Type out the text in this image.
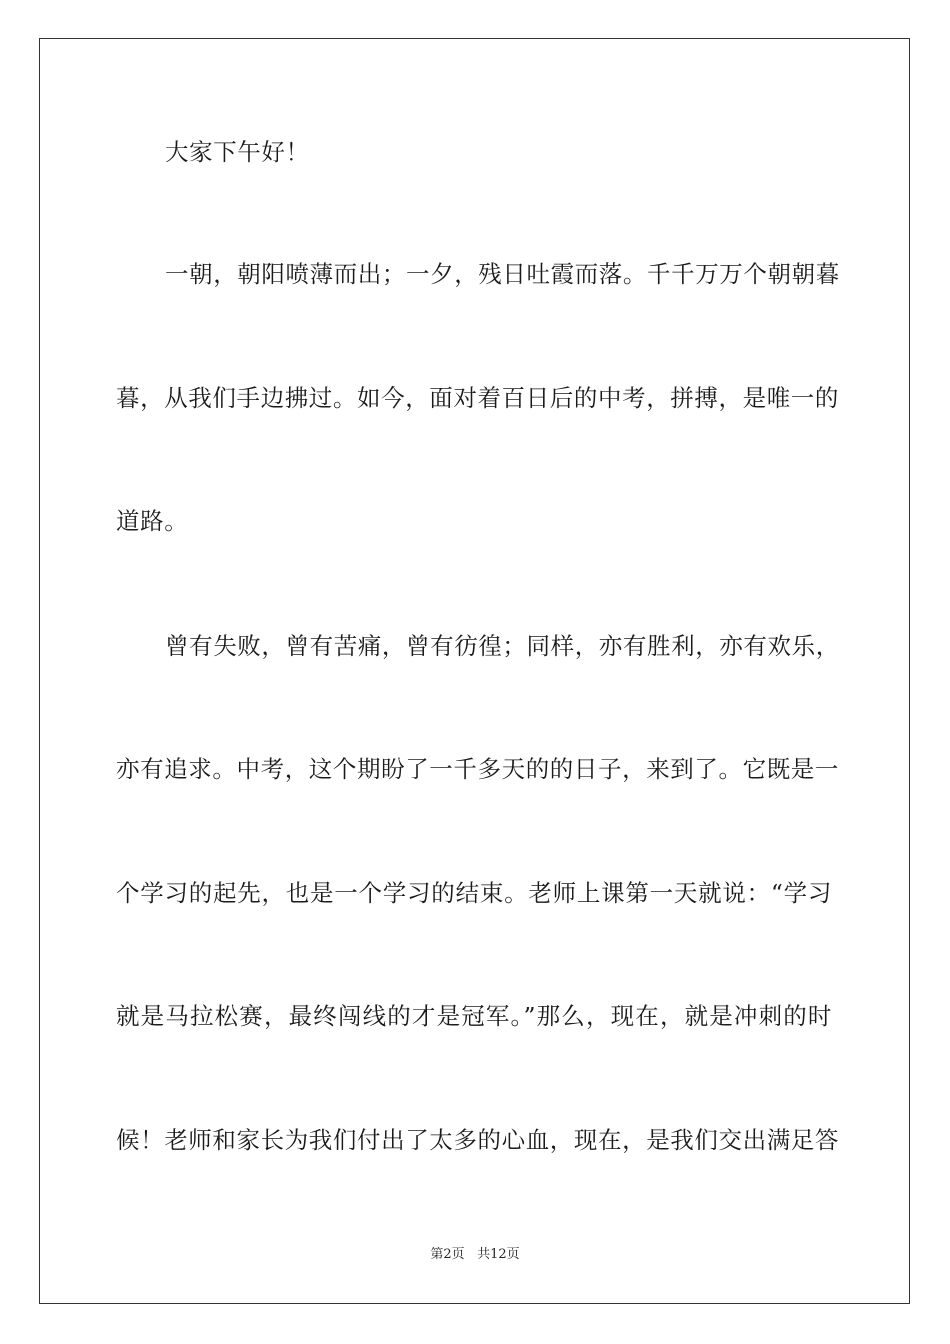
大家下午好！
一朝，朝阳喷薄而出；一夕，残日吐霞而落。千千万万个朝朝暮
暮，从我们手边拂过。如今，面对着百日后的中考，拼搏，是唯一的
道路。
曾有失败，曾有苦痛，曾有彷徨；同样，亦有胜利，亦有欢乐，
亦有追求。中考，这个期盼了一千多天的的日子，来到了。它既是一
个学习的起先，也是一个学习的结束。老师上课第一天就说：“学习
就是马拉松赛，最终闯线的才是冠军。”那么，现在，就是冲刺的时
候！老师和家长为我们付出了太多的心血，现在，是我们交出满足答
第2页 共12页
